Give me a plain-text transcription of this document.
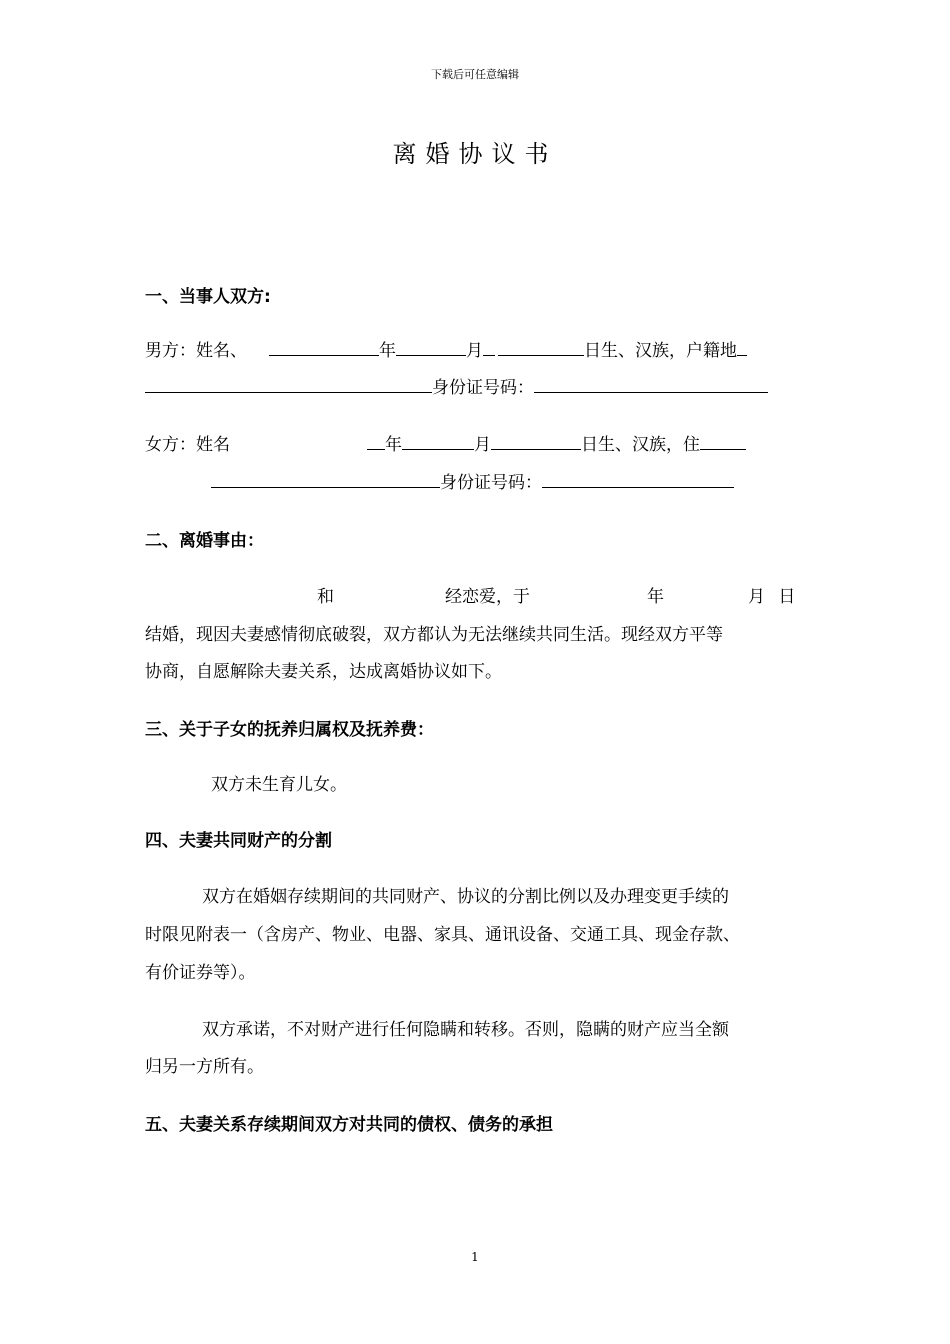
下载后可任意编辑
离婚协议书
一、当事人双方:
男方：姓名、	年	月	日生、汉族，户籍地
身份证号码：
女方：姓名	年	月	日生、汉族，住
身份证号码：
二、离婚事由：
和	经恋爱，于	年	月 日
结婚，现因夫妻感情彻底破裂，双方都认为无法继续共同生活。现经双方平等
协商，自愿解除夫妻关系，达成离婚协议如下。
三、关于子女的抚养归属权及抚养费：
双方未生育儿女。
四、夫妻共同财产的分割
双方在婚姻存续期间的共同财产、协议的分割比例以及办理变更手续的
时限见附表一（含房产、物业、电器、家具、通讯设备、交通工具、现金存款、
有价证券等）。
双方承诺，不对财产进行任何隐瞒和转移。否则，隐瞒的财产应当全额
归另一方所有。
五、夫妻关系存续期间双方对共同的债权、债务的承担
1
